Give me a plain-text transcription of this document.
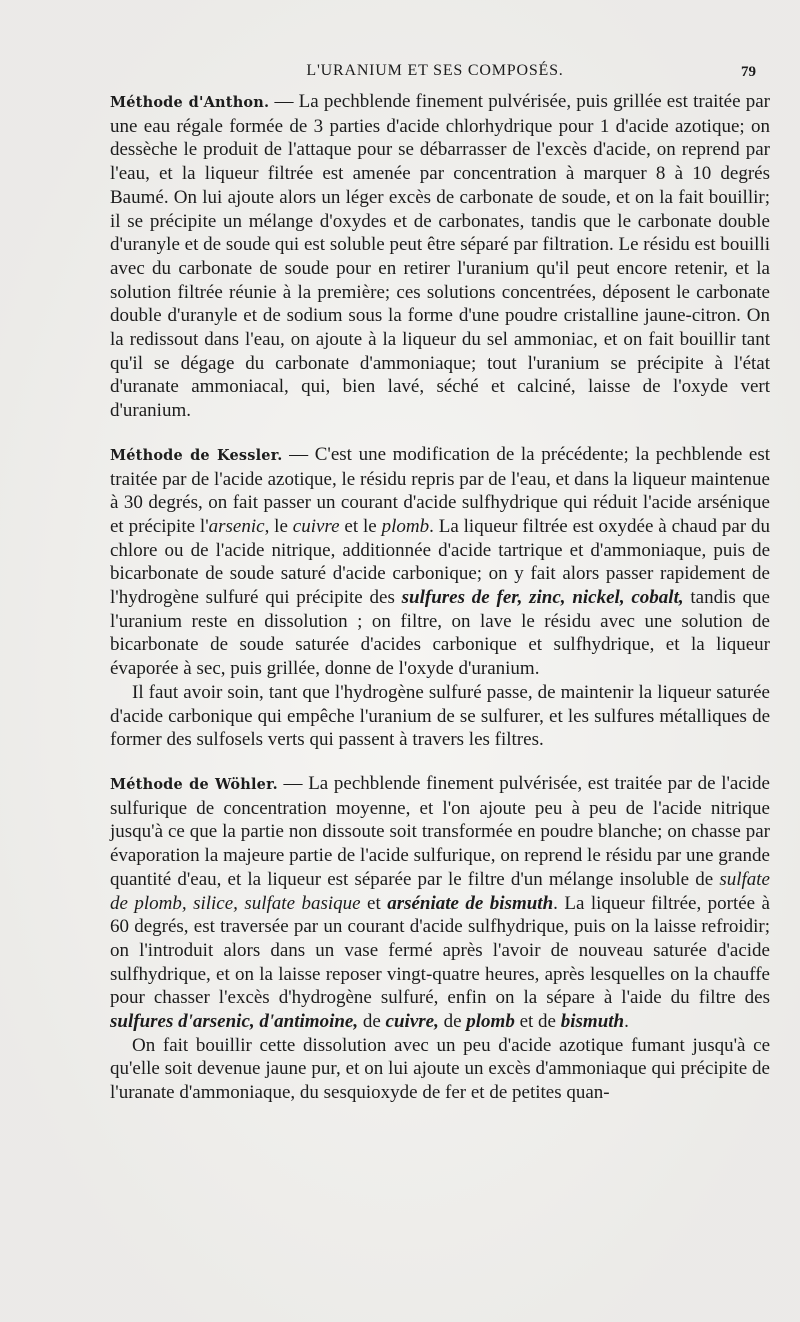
L'URANIUM ET SES COMPOSÉS.	79

Méthode d'Anthon. — La pechblende finement pulvérisée, puis grillée est traitée par une eau régale formée de 3 parties d'acide chlorhydrique pour 1 d'acide azotique; on dessèche le produit de l'attaque pour se débarrasser de l'excès d'acide, on reprend par l'eau, et la liqueur filtrée est amenée par concentration à marquer 8 à 10 degrés Baumé. On lui ajoute alors un léger excès de carbonate de soude, et on la fait bouillir; il se précipite un mélange d'oxydes et de carbonates, tandis que le carbonate double d'uranyle et de soude qui est soluble peut être séparé par filtration. Le résidu est bouilli avec du carbonate de soude pour en retirer l'uranium qu'il peut encore retenir, et la solution filtrée réunie à la première; ces solutions concentrées, déposent le carbonate double d'uranyle et de sodium sous la forme d'une poudre cristalline jaune-citron. On la redissout dans l'eau, on ajoute à la liqueur du sel ammoniac, et on fait bouillir tant qu'il se dégage du carbonate d'ammoniaque; tout l'uranium se précipite à l'état d'uranate ammoniacal, qui, bien lavé, séché et calciné, laisse de l'oxyde vert d'uranium.

Méthode de Kessler. — C'est une modification de la précédente; la pechblende est traitée par de l'acide azotique, le résidu repris par de l'eau, et dans la liqueur maintenue à 30 degrés, on fait passer un courant d'acide sulfhydrique qui réduit l'acide arsénique et précipite l'arsenic, le cuivre et le plomb. La liqueur filtrée est oxydée à chaud par du chlore ou de l'acide nitrique, additionnée d'acide tartrique et d'ammoniaque, puis de bicarbonate de soude saturé d'acide carbonique; on y fait alors passer rapidement de l'hydrogène sulfuré qui précipite des sulfures de fer, zinc, nickel, cobalt, tandis que l'uranium reste en dissolution ; on filtre, on lave le résidu avec une solution de bicarbonate de soude saturée d'acides carbonique et sulfhydrique, et la liqueur évaporée à sec, puis grillée, donne de l'oxyde d'uranium.

Il faut avoir soin, tant que l'hydrogène sulfuré passe, de maintenir la liqueur saturée d'acide carbonique qui empêche l'uranium de se sulfurer, et les sulfures métalliques de former des sulfosels verts qui passent à travers les filtres.

Méthode de Wöhler. — La pechblende finement pulvérisée, est traitée par de l'acide sulfurique de concentration moyenne, et l'on ajoute peu à peu de l'acide nitrique jusqu'à ce que la partie non dissoute soit transformée en poudre blanche; on chasse par évaporation la majeure partie de l'acide sulfurique, on reprend le résidu par une grande quantité d'eau, et la liqueur est séparée par le filtre d'un mélange insoluble de sulfate de plomb, silice, sulfate basique et arséniate de bismuth. La liqueur filtrée, portée à 60 degrés, est traversée par un courant d'acide sulfhydrique, puis on la laisse refroidir; on l'introduit alors dans un vase fermé après l'avoir de nouveau saturée d'acide sulfhydrique, et on la laisse reposer vingt-quatre heures, après lesquelles on la chauffe pour chasser l'excès d'hydrogène sulfuré, enfin on la sépare à l'aide du filtre des sulfures d'arsenic, d'antimoine, de cuivre, de plomb et de bismuth.

On fait bouillir cette dissolution avec un peu d'acide azotique fumant jusqu'à ce qu'elle soit devenue jaune pur, et on lui ajoute un excès d'ammoniaque qui précipite de l'uranate d'ammoniaque, du sesquioxyde de fer et de petites quan-
